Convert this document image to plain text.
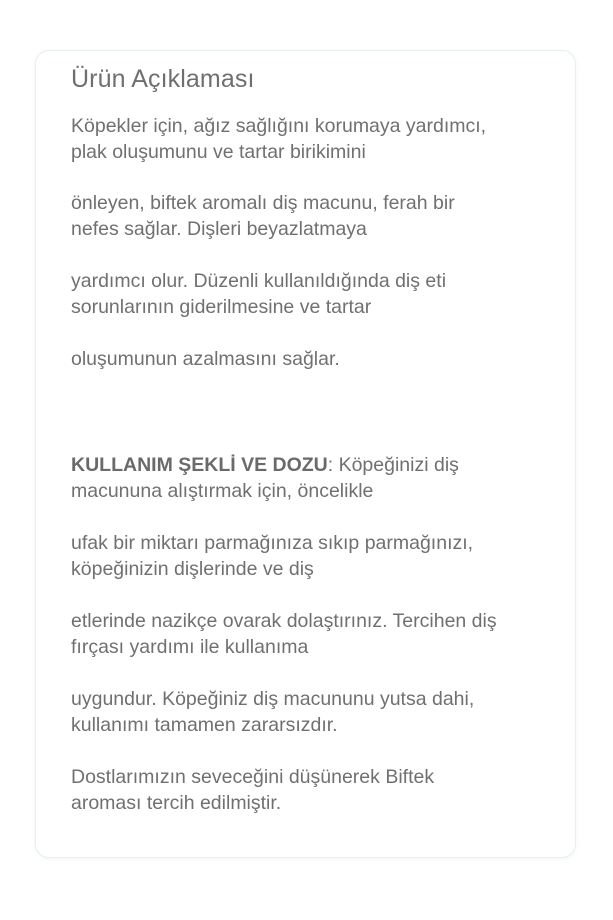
Ürün Açıklaması

Köpekler için, ağız sağlığını korumaya yardımcı,
plak oluşumunu ve tartar birikimini

önleyen, biftek aromalı diş macunu, ferah bir
nefes sağlar. Dişleri beyazlatmaya

yardımcı olur. Düzenli kullanıldığında diş eti
sorunlarının giderilmesine ve tartar

oluşumunun azalmasını sağlar.

KULLANIM ŞEKLİ VE DOZU: Köpeğinizi diş
macununa alıştırmak için, öncelikle

ufak bir miktarı parmağınıza sıkıp parmağınızı,
köpeğinizin dişlerinde ve diş

etlerinde nazikçe ovarak dolaştırınız. Tercihen diş
fırçası yardımı ile kullanıma

uygundur. Köpeğiniz diş macununu yutsa dahi,
kullanımı tamamen zararsızdır.

Dostlarımızın seveceğini düşünerek Biftek
aroması tercih edilmiştir.
